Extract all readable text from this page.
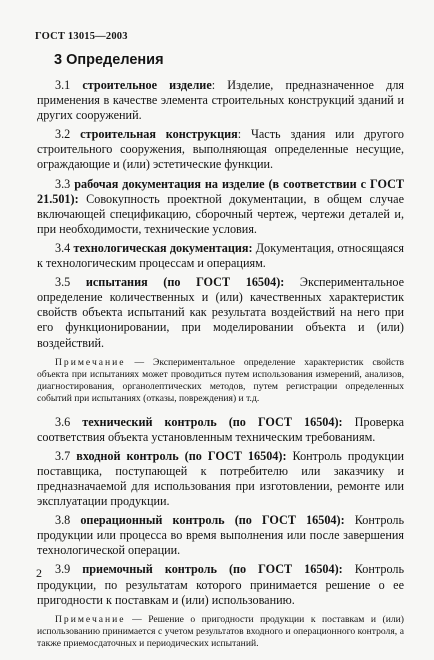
ГОСТ 13015—2003
3 Определения

3.1 строительное изделие: Изделие, предназначенное для применения в качестве элемента строительных конструкций зданий и других сооружений.

3.2 строительная конструкция: Часть здания или другого строительного сооружения, выполняющая определенные несущие, ограждающие и (или) эстетические функции.

3.3 рабочая документация на изделие (в соответствии с ГОСТ 21.501): Совокупность проектной документации, в общем случае включающей спецификацию, сборочный чертеж, чертежи деталей и, при необходимости, технические условия.

3.4 технологическая документация: Документация, относящаяся к технологическим процессам и операциям.

3.5 испытания (по ГОСТ 16504): Экспериментальное определение количественных и (или) качественных характеристик свойств объекта испытаний как результата воздействий на него при его функционировании, при моделировании объекта и (или) воздействий.

Примечание — Экспериментальное определение характеристик свойств объекта при испытаниях может проводиться путем использования измерений, анализов, диагностирования, органолептических методов, путем регистрации определенных событий при испытаниях (отказы, повреждения) и т.д.

3.6 технический контроль (по ГОСТ 16504): Проверка соответствия объекта установленным техническим требованиям.

3.7 входной контроль (по ГОСТ 16504): Контроль продукции поставщика, поступающей к потребителю или заказчику и предназначаемой для использования при изготовлении, ремонте или эксплуатации продукции.

3.8 операционный контроль (по ГОСТ 16504): Контроль продукции или процесса во время выполнения или после завершения технологической операции.

3.9 приемочный контроль (по ГОСТ 16504): Контроль продукции, по результатам которого принимается решение о ее пригодности к поставкам и (или) использованию.

Примечание — Решение о пригодности продукции к поставкам и (или) использованию принимается с учетом результатов входного и операционного контроля, а также приемосдаточных и периодических испытаний.

2
